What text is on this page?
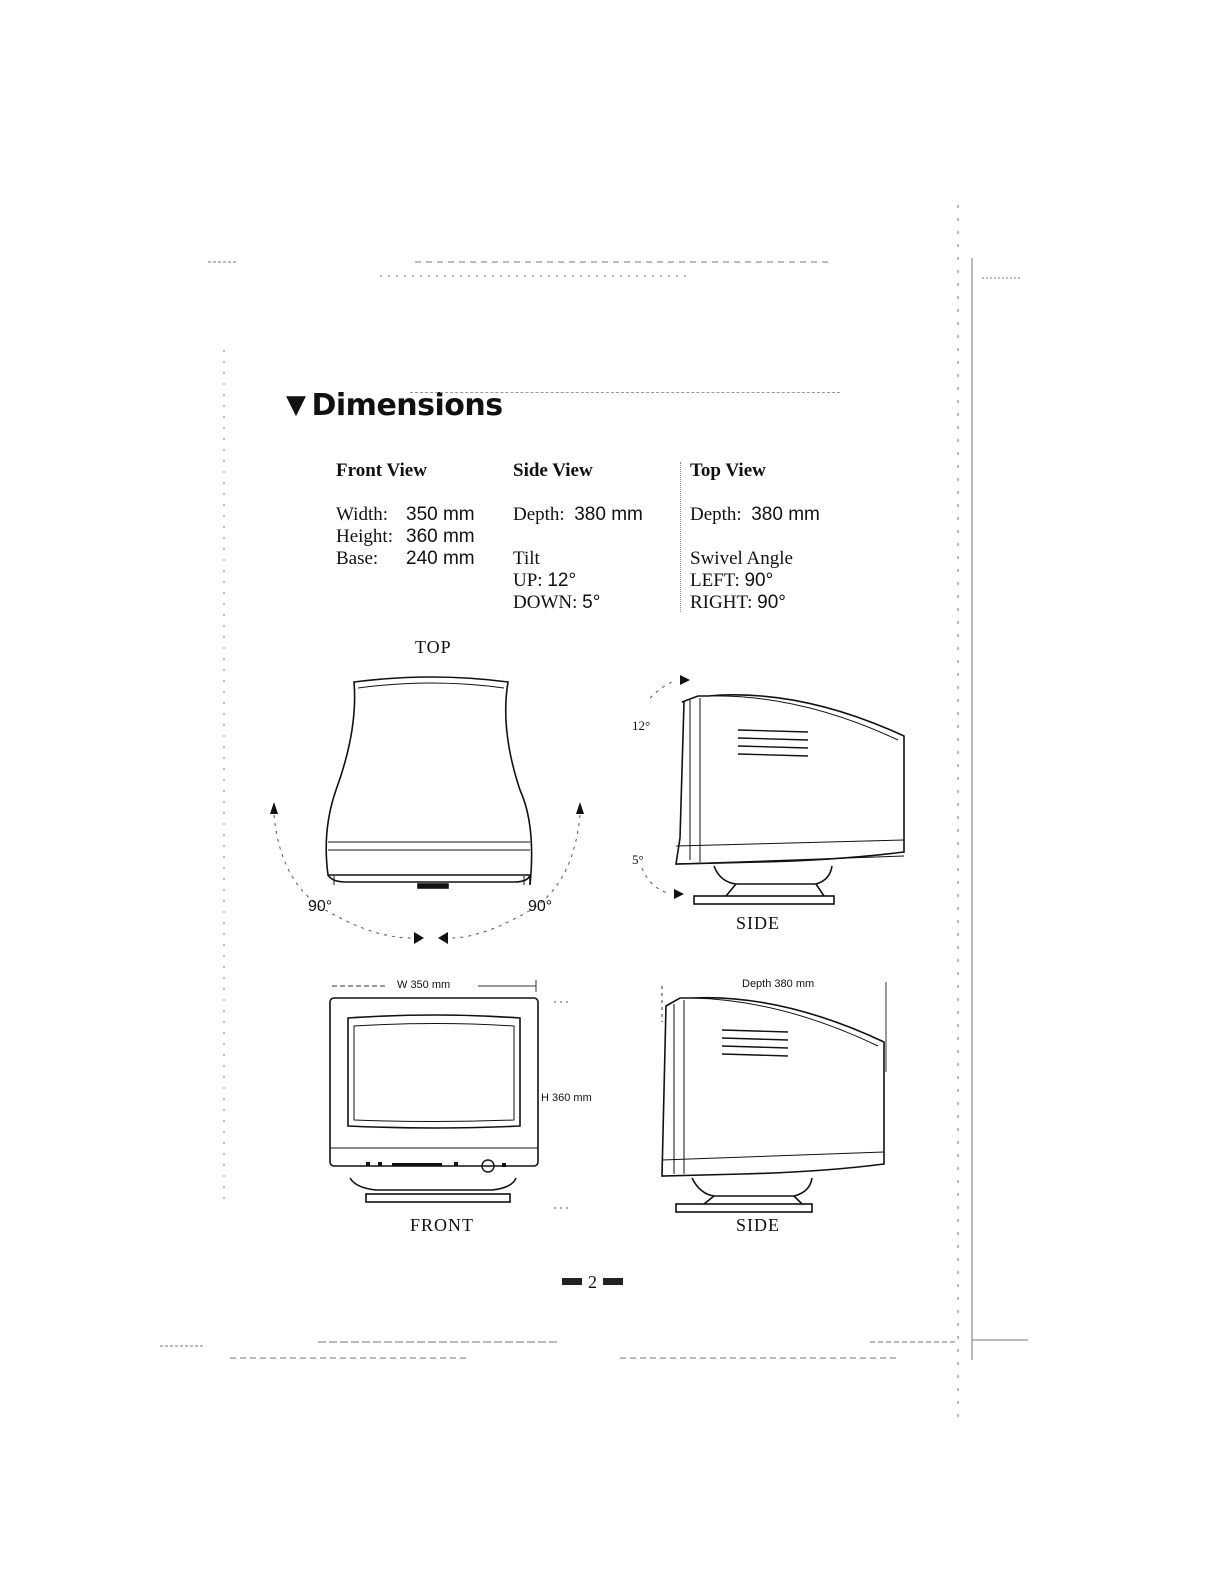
▼ Dimensions
Front View
Width: 350 mm
Height: 360 mm
Base: 240 mm
Side View
Depth: 380 mm
Tilt
UP: 12°
DOWN: 5°
Top View
Depth: 380 mm
Swivel Angle
LEFT: 90°
RIGHT: 90°
TOP
90°	90°
12°
5°
SIDE
W 350 mm
H 360 mm
FRONT
Depth 380 mm
SIDE
2
